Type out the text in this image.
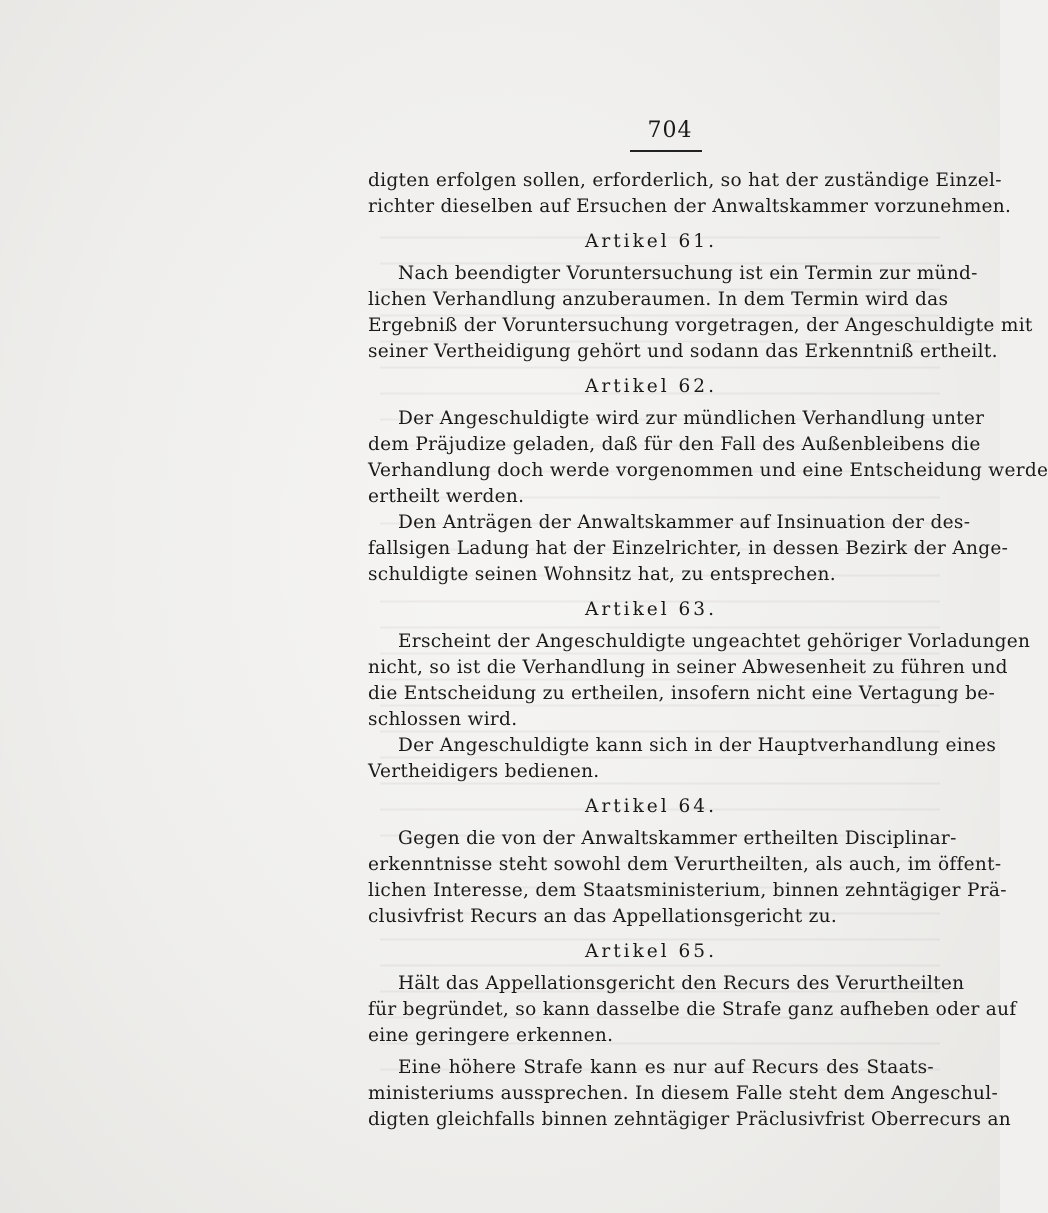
704
digten erfolgen sollen, erforderlich, so hat der zuständige Einzel-
richter dieselben auf Ersuchen der Anwaltskammer vorzunehmen.
Artikel 61.
Nach beendigter Voruntersuchung ist ein Termin zur münd-
lichen Verhandlung anzuberaumen. In dem Termin wird das
Ergebniß der Voruntersuchung vorgetragen, der Angeschuldigte mit
seiner Vertheidigung gehört und sodann das Erkenntniß ertheilt.
Artikel 62.
Der Angeschuldigte wird zur mündlichen Verhandlung unter
dem Präjudize geladen, daß für den Fall des Außenbleibens die
Verhandlung doch werde vorgenommen und eine Entscheidung werde
ertheilt werden.
Den Anträgen der Anwaltskammer auf Insinuation der des-
fallsigen Ladung hat der Einzelrichter, in dessen Bezirk der Ange-
schuldigte seinen Wohnsitz hat, zu entsprechen.
Artikel 63.
Erscheint der Angeschuldigte ungeachtet gehöriger Vorladungen
nicht, so ist die Verhandlung in seiner Abwesenheit zu führen und
die Entscheidung zu ertheilen, insofern nicht eine Vertagung be-
schlossen wird.
Der Angeschuldigte kann sich in der Hauptverhandlung eines
Vertheidigers bedienen.
Artikel 64.
Gegen die von der Anwaltskammer ertheilten Disciplinar-
erkenntnisse steht sowohl dem Verurtheilten, als auch, im öffent-
lichen Interesse, dem Staatsministerium, binnen zehntägiger Prä-
clusivfrist Recurs an das Appellationsgericht zu.
Artikel 65.
Hält das Appellationsgericht den Recurs des Verurtheilten
für begründet, so kann dasselbe die Strafe ganz aufheben oder auf
eine geringere erkennen.
Eine höhere Strafe kann es nur auf Recurs des Staats-
ministeriums aussprechen. In diesem Falle steht dem Angeschul-
digten gleichfalls binnen zehntägiger Präclusivfrist Oberrecurs an
